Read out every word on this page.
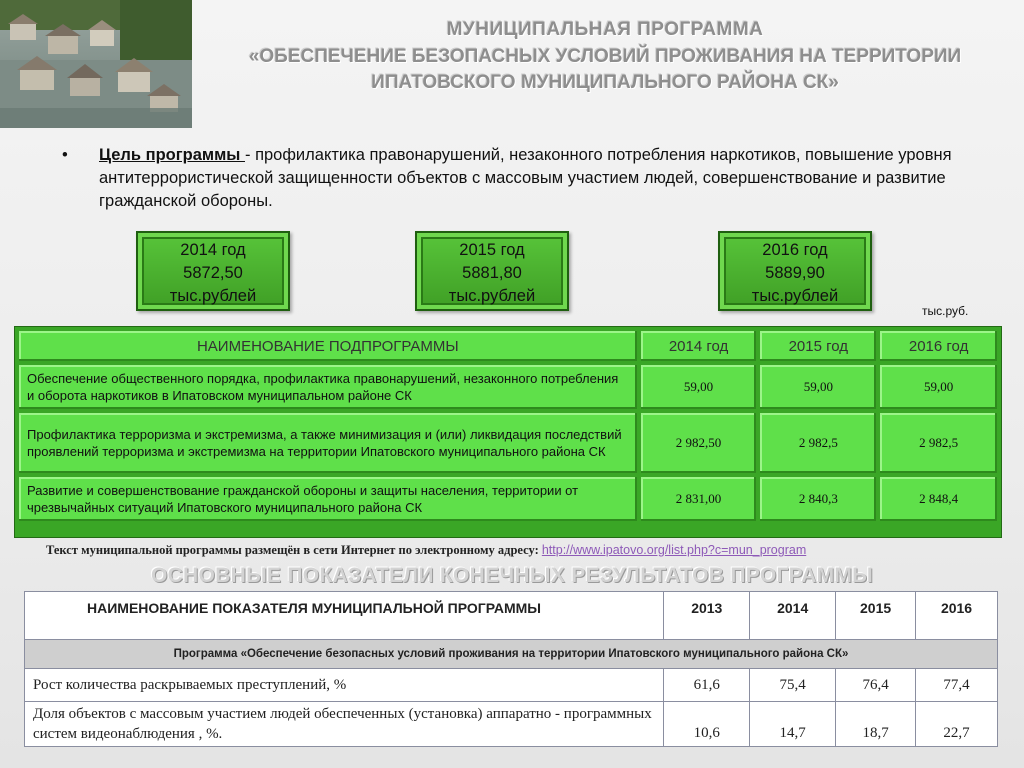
МУНИЦИПАЛЬНАЯ ПРОГРАММА
«ОБЕСПЕЧЕНИЕ БЕЗОПАСНЫХ УСЛОВИЙ ПРОЖИВАНИЯ НА ТЕРРИТОРИИ
ИПАТОВСКОГО МУНИЦИПАЛЬНОГО РАЙОНА СК»
• Цель программы - профилактика правонарушений, незаконного потребления наркотиков, повышение уровня антитеррористической защищенности объектов с массовым участием людей, совершенствование и развитие гражданской обороны.
2014 год
5872,50
тыс.рублей
2015 год
5881,80
тыс.рублей
2016 год
5889,90
тыс.рублей
тыс.руб.
НАИМЕНОВАНИЕ ПОДПРОГРАММЫ	2014 год	2015 год	2016 год
Обеспечение общественного порядка, профилактика правонарушений, незаконного потребления и оборота наркотиков в Ипатовском муниципальном районе СК	59,00	59,00	59,00
Профилактика терроризма и экстремизма, а также минимизация и (или) ликвидация последствий проявлений терроризма и экстремизма на территории Ипатовского муниципального района СК	2 982,50	2 982,5	2 982,5
Развитие и совершенствование гражданской обороны и защиты населения, территории от чрезвычайных ситуаций Ипатовского муниципального района СК	2 831,00	2 840,3	2 848,4
Текст муниципальной программы размещён в сети Интернет по электронному адресу: http://www.ipatovo.org/list.php?c=mun_program
ОСНОВНЫЕ ПОКАЗАТЕЛИ КОНЕЧНЫХ РЕЗУЛЬТАТОВ ПРОГРАММЫ
НАИМЕНОВАНИЕ ПОКАЗАТЕЛЯ МУНИЦИПАЛЬНОЙ ПРОГРАММЫ	2013	2014	2015	2016
Программа «Обеспечение безопасных условий проживания на территории Ипатовского муниципального района СК»				
Рост количества раскрываемых преступлений, %	61,6	75,4	76,4	77,4
Доля объектов с массовым участием людей обеспеченных (установка) аппаратно - программных систем видеонаблюдения , %.	10,6	14,7	18,7	22,7
